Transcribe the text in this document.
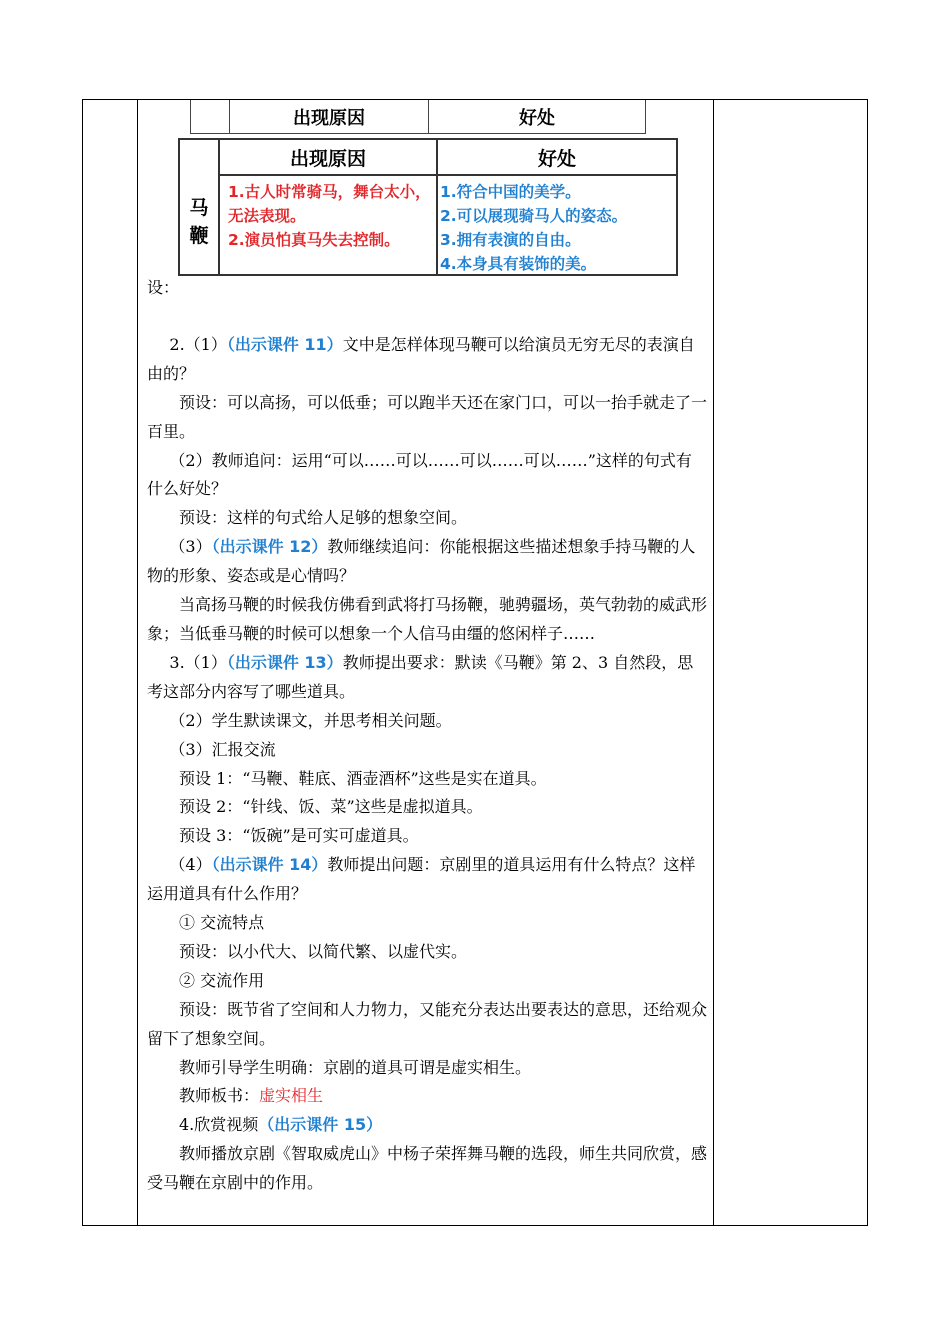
出现原因	好处
马
鞭
出现原因	好处
1.古人时常骑马，舞台太小，无法表现。
2.演员怕真马失去控制。
1.符合中国的美学。
2.可以展现骑马人的姿态。
3.拥有表演的自由。
4.本身具有装饰的美。

设：

2.（1）（出示课件 11）文中是怎样体现马鞭可以给演员无穷无尽的表演自由的？

预设：可以高扬，可以低垂；可以跑半天还在家门口，可以一抬手就走了一百里。

（2）教师追问：运用“可以……可以……可以……可以……”这样的句式有什么好处？

预设：这样的句式给人足够的想象空间。

（3）（出示课件 12）教师继续追问：你能根据这些描述想象手持马鞭的人物的形象、姿态或是心情吗？

当高扬马鞭的时候我仿佛看到武将打马扬鞭，驰骋疆场，英气勃勃的威武形象；当低垂马鞭的时候可以想象一个人信马由缰的悠闲样子……

3.（1）（出示课件 13）教师提出要求：默读《马鞭》第 2、3 自然段，思考这部分内容写了哪些道具。

（2）学生默读课文，并思考相关问题。

（3）汇报交流

预设 1：“马鞭、鞋底、酒壶酒杯”这些是实在道具。

预设 2：“针线、饭、菜”这些是虚拟道具。

预设 3：“饭碗”是可实可虚道具。

（4）（出示课件 14）教师提出问题：京剧里的道具运用有什么特点？这样运用道具有什么作用？

① 交流特点

预设：以小代大、以简代繁、以虚代实。

② 交流作用

预设：既节省了空间和人力物力，又能充分表达出要表达的意思，还给观众留下了想象空间。

教师引导学生明确：京剧的道具可谓是虚实相生。

教师板书：虚实相生

4.欣赏视频（出示课件 15）

教师播放京剧《智取威虎山》中杨子荣挥舞马鞭的选段，师生共同欣赏，感受马鞭在京剧中的作用。
